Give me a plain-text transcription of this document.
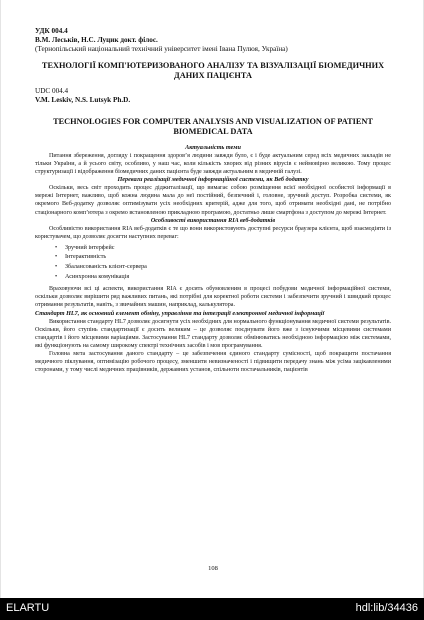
УДК 004.4
В.М. Леськів, Н.С. Луцик докт. філос.
(Тернопільський національний технічний університет імені Івана Пулюя, Україна)
ТЕХНОЛОГІЇ КОМП'ЮТЕРИЗОВАНОГО АНАЛІЗУ ТА ВІЗУАЛІЗАЦІЇ БІОМЕДИЧНИХ ДАНИХ ПАЦІЄНТА
UDC 004.4
V.M. Leskiv, N.S. Lutsyk Ph.D.
TECHNOLOGIES FOR COMPUTER ANALYSIS AND VISUALIZATION OF PATIENT BIOMEDICAL DATA
Актуальність теми

Питання збереження, догляду і покращення здоров’я людини завжди було, є і буде актуальним серед всіх медичних закладів не тільки України, а й усього світу, особливо, у наш час, коли кількість хворих від різних вірусів є неймовірно великою. Тому процес структуризації і відображення біомедичних даних пацієнта буде завжди актуальним в медичній галузі.

Переваги реалізації медичної інформаційної системи, як Веб додатку

Оскільки, весь світ проходить процес діджиталізації, що вимагає собою розміщення всієї необхідної особистої інформації в мережі Інтернет, важливо, щоб кожна людина мала до неї постійний, безпечний і, головне, зручний доступ. Розробка системи, як окремого Веб-додатку дозволяє оптимізувати усіх необхідних критерій, адже для того, щоб отримати необхідні дані, не потрібно стаціонарного комп’ютера з окремо встановленою прикладною програмою, достатньо лише смартфона з доступом до мережі Інтернет.

Особливості використання RIA веб-додатків

Особливістю використання RIA веб-додатків є те що вони використовують доступні ресурси браузера клієнта, щоб взаємодіяти із користувачем, що дозволяє досягти наступних переваг:

• Зручний інтерфейс
• Інтерактивність
• Збалансованість клієнт-сервера
• Асинхронна комунікація

Враховуючи всі ці аспекти, використання RIA є досить обумовленим в процесі побудови медичної інформаційної системи, оскільки дозволяє вирішити ряд важливих питань, які потрібні для коректної роботи системи і забезпечити зручний і швидкий процес отримання результатів, навіть, з звичайних машин, наприклад, калькулятора.

Стандарт HL7, як основний елемент обміну, управління та інтеграції електронної медичної інформації

Використання стандарту HL7 дозволяє досягнути усіх необхідних для нормального функціонування медичної системи результатів. Оскільки, його ступінь стандартизації є досить великим – це дозволяє поєднувати його вже з існуючими місцевими системами стандартів і його місцевими варіаціями. Застосування HL7 стандарту дозволяє обмінюватись необхідною інформацією між системами, які функціонують на самому широкому спектрі технічних засобів і мов програмування.

Головна мета застосування даного стандарту – це забезпечення єдиного стандарту сумісності, щоб покращити постачання медичного піклування, оптимізацію робочого процесу, зменшити невизначеності і підвищити передачу знань між усіма зацікавленими сторонами, у тому числі медичних працівників, державних установ, спільноти постачальників, пацієнтів

108
ELARTU	hdl:lib/34436
